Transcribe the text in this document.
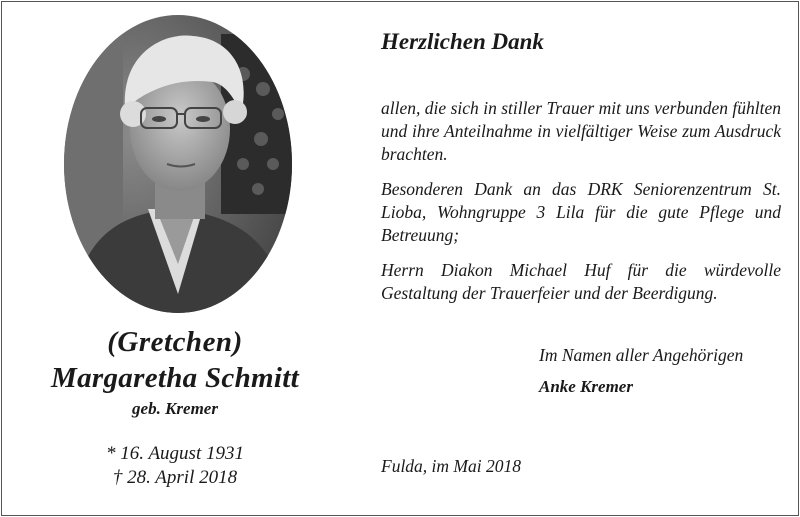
(Gretchen)
Margaretha Schmitt
geb. Kremer
* 16. August 1931
† 28. April 2018
Herzlichen Dank
allen, die sich in stiller Trauer mit uns verbunden fühlten und ihre Anteilnahme in vielfältiger Weise zum Ausdruck brachten.
Besonderen Dank an das DRK Seniorenzentrum St. Lioba, Wohngruppe 3 Lila für die gute Pflege und Betreuung;
Herrn Diakon Michael Huf für die würdevolle Gestaltung der Trauerfeier und der Beerdigung.
Im Namen aller Angehörigen
Anke Kremer
Fulda, im Mai 2018
